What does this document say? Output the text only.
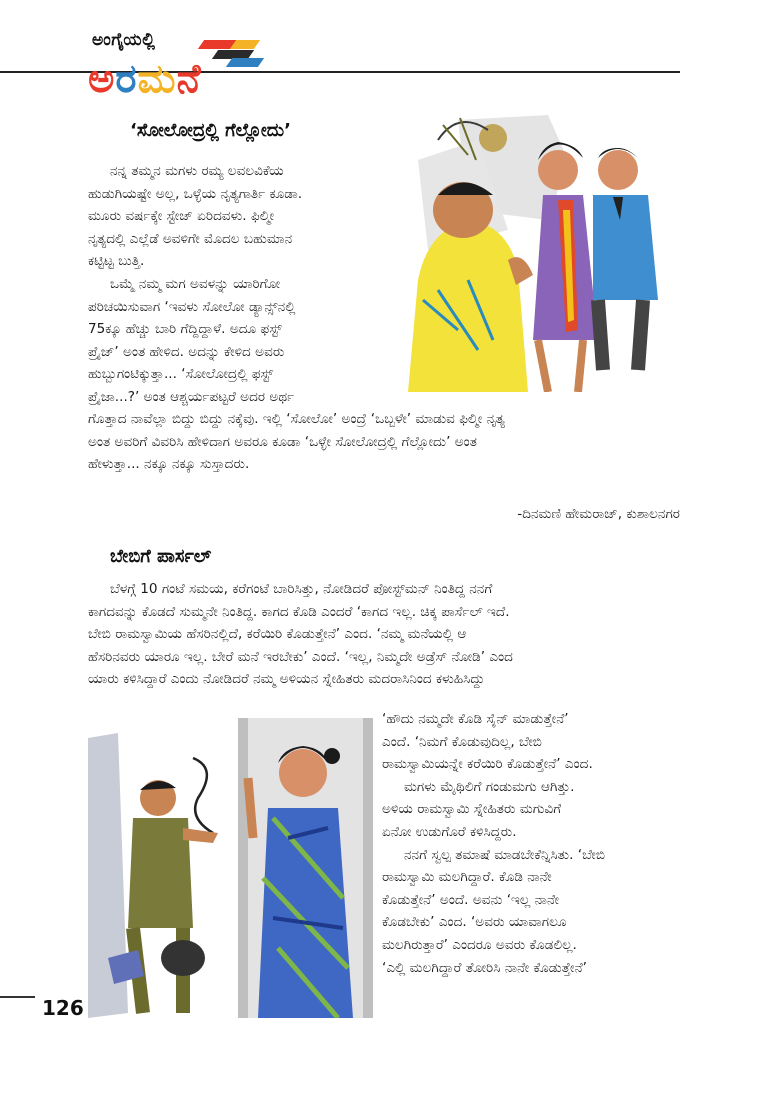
ಅಂಗೈಯಲ್ಲಿ
ಅರಮನೆ
‘ಸೋಲೋದ್ರಲ್ಲಿ ಗೆಲ್ಲೋದು’

ನನ್ನ ತಮ್ಮನ ಮಗಳು ರಮ್ಯ ಲವಲವಿಕೆಯ

ಹುಡುಗಿಯಷ್ಟೇ ಅಲ್ಲ, ಒಳ್ಳೆಯ ನೃತ್ಯಗಾರ್ತಿ ಕೂಡಾ.

ಮೂರು ವರ್ಷಕ್ಕೇ ಸ್ಟೇಜ್ ಏರಿದವಳು. ಫಿಲ್ಮೀ

ನೃತ್ಯದಲ್ಲಿ ಎಲ್ಲೆಡೆ ಅವಳಿಗೇ ಮೊದಲ ಬಹುಮಾನ

ಕಟ್ಟಿಟ್ಟ ಬುತ್ತಿ.

ಒಮ್ಮೆ ನಮ್ಮ ಮಗ ಅವಳನ್ನು ಯಾರಿಗೋ

ಪರಿಚಯಿಸುವಾಗ ‘ಇವಳು ಸೋಲೋ ಡ್ಯಾನ್ಸ್‌ನಲ್ಲಿ

75ಕ್ಕೂ ಹೆಚ್ಚು ಬಾರಿ ಗೆದ್ದಿದ್ದಾಳೆ. ಅದೂ ಫಸ್ಟ್

ಪ್ರೈಜ್’ ಅಂತ ಹೇಳಿದ. ಅದನ್ನು ಕೇಳಿದ ಅವರು

ಹುಬ್ಬುಗಂಟಿಕ್ಕುತ್ತಾ... ‘ಸೋಲೋದ್ರಲ್ಲಿ ಫಸ್ಟ್

ಪ್ರೈಜಾ...?’ ಅಂತ ಆಶ್ಚರ್ಯಪಟ್ಟರೆ ಅದರ ಅರ್ಥ

ಗೊತ್ತಾದ ನಾವೆಲ್ಲಾ ಬಿದ್ದು ಬಿದ್ದು ನಕ್ಕೆವು. ಇಲ್ಲಿ ‘ಸೋಲೋ’ ಅಂದ್ರೆ ‘ಒಬ್ಬಳೇ’ ಮಾಡುವ ಫಿಲ್ಮೀ ನೃತ್ಯ

ಅಂತ ಅವರಿಗೆ ವಿವರಿಸಿ ಹೇಳಿದಾಗ ಅವರೂ ಕೂಡಾ ‘ಒಳ್ಳೇ ಸೋಲೋದ್ರಲ್ಲಿ ಗೆಲ್ಲೋದು’ ಅಂತ

ಹೇಳುತ್ತಾ... ನಕ್ಕೂ ನಕ್ಕೂ ಸುಸ್ತಾದರು.

-ದಿನಮಣಿ ಹೇಮರಾಜ್, ಕುಶಾಲನಗರ
ಬೇಬಿಗೆ ಪಾರ್ಸಲ್

ಬೆಳಗ್ಗೆ 10 ಗಂಟೆ ಸಮಯ, ಕರೆಗಂಟೆ ಬಾರಿಸಿತ್ತು, ನೋಡಿದರೆ ಪೋಸ್ಟ್‌ಮನ್ ನಿಂತಿದ್ದ ನನಗೆ

ಕಾಗದವನ್ನು ಕೊಡದೆ ಸುಮ್ಮನೇ ನಿಂತಿದ್ದ. ಕಾಗದ ಕೊಡಿ ಎಂದರೆ ‘ಕಾಗದ ಇಲ್ಲ. ಚಿಕ್ಕ ಪಾರ್ಸೆಲ್ ಇದೆ.

ಬೇಬಿ ರಾಮಸ್ವಾಮಿಯ ಹೆಸರಿನಲ್ಲಿದೆ, ಕರೆಯಿರಿ ಕೊಡುತ್ತೇನೆ’ ಎಂದ. ‘ನಮ್ಮ ಮನೆಯಲ್ಲಿ ಆ

ಹೆಸರಿನವರು ಯಾರೂ ಇಲ್ಲ. ಬೇರೆ ಮನೆ ಇರಬೇಕು’ ಎಂದೆ. ‘ಇಲ್ಲ, ನಿಮ್ಮದೇ ಅಡ್ರೆಸ್ ನೋಡಿ’ ಎಂದ

ಯಾರು ಕಳಿಸಿದ್ದಾರೆ ಎಂದು ನೋಡಿದರೆ ನಮ್ಮ ಅಳಿಯನ ಸ್ನೇಹಿತರು ಮದರಾಸಿನಿಂದ ಕಳುಹಿಸಿದ್ದು

‘ಹೌದು ನಮ್ಮದೇ ಕೊಡಿ ಸೈನ್ ಮಾಡುತ್ತೇನೆ’

ಎಂದೆ. ‘ನಿಮಗೆ ಕೊಡುವುದಿಲ್ಲ, ಬೇಬಿ

ರಾಮಸ್ವಾಮಿಯನ್ನೇ ಕರೆಯಿರಿ ಕೊಡುತ್ತೇನೆ’ ಎಂದ.

ಮಗಳು ಮೈಥಿಲಿಗೆ ಗಂಡುಮಗು ಆಗಿತ್ತು.

ಅಳಿಯ ರಾಮಸ್ವಾಮಿ ಸ್ನೇಹಿತರು ಮಗುವಿಗೆ

ಏನೋ ಉಡುಗೊರೆ ಕಳಿಸಿದ್ದರು.

ನನಗೆ ಸ್ವಲ್ಪ ತಮಾಷೆ ಮಾಡಬೇಕೆನ್ನಿಸಿತು. ‘ಬೇಬಿ

ರಾಮಸ್ವಾಮಿ ಮಲಗಿದ್ದಾರೆ. ಕೊಡಿ ನಾನೇ

ಕೊಡುತ್ತೇನೆ’ ಅಂದೆ. ಅವನು ‘ಇಲ್ಲ ನಾನೇ

ಕೊಡಬೇಕು’ ಎಂದ. ‘ಅವರು ಯಾವಾಗಲೂ

ಮಲಗಿರುತ್ತಾರೆ’ ಎಂದರೂ ಅವರು ಕೊಡಲಿಲ್ಲ.

‘ಎಲ್ಲಿ ಮಲಗಿದ್ದಾರೆ ತೋರಿಸಿ ನಾನೇ ಕೊಡುತ್ತೇನೆ’

126
